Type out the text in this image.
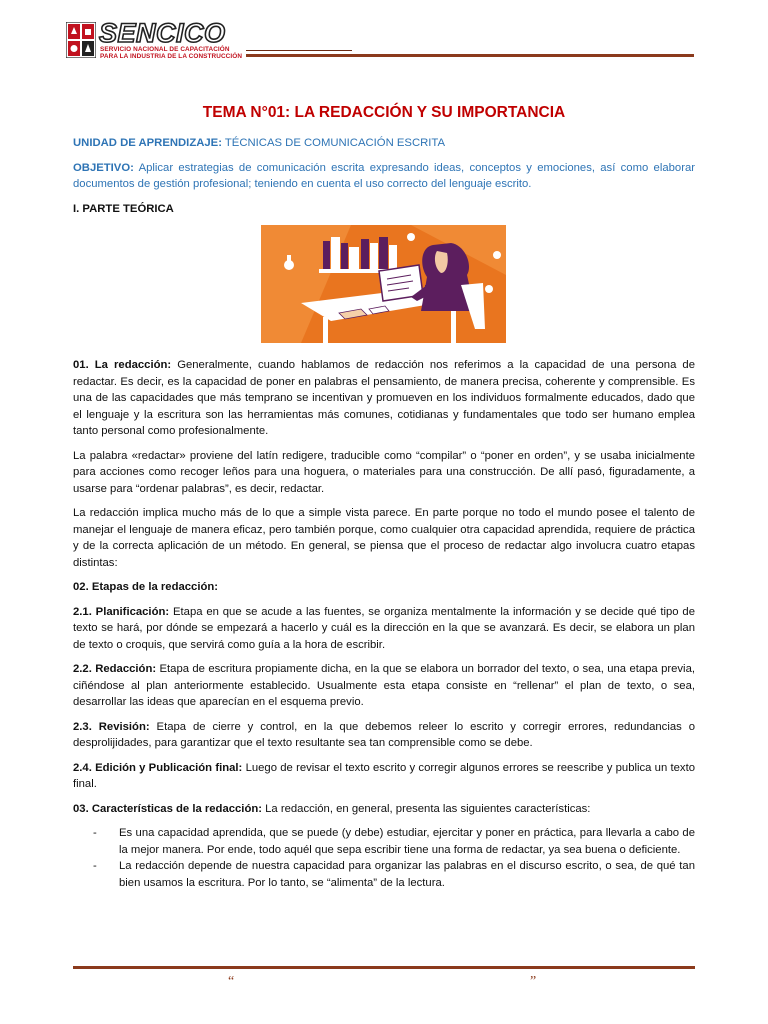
SENCICO
SERVICIO NACIONAL DE CAPACITACIÓN
PARA LA INDUSTRIA DE LA CONSTRUCCIÓN
TEMA N°01: LA REDACCIÓN Y SU IMPORTANCIA

UNIDAD DE APRENDIZAJE: TÉCNICAS DE COMUNICACIÓN ESCRITA

OBJETIVO: Aplicar estrategias de comunicación escrita expresando ideas, conceptos y emociones, así como elaborar documentos de gestión profesional; teniendo en cuenta el uso correcto del lenguaje escrito.

I. PARTE TEÓRICA

01. La redacción: Generalmente, cuando hablamos de redacción nos referimos a la capacidad de una persona de redactar. Es decir, es la capacidad de poner en palabras el pensamiento, de manera precisa, coherente y comprensible. Es una de las capacidades que más temprano se incentivan y promueven en los individuos formalmente educados, dado que el lenguaje y la escritura son las herramientas más comunes, cotidianas y fundamentales que todo ser humano emplea tanto personal como profesionalmente.

La palabra «redactar» proviene del latín redigere, traducible como “compilar” o “poner en orden”, y se usaba inicialmente para acciones como recoger leños para una hoguera, o materiales para una construcción. De allí pasó, figuradamente, a usarse para “ordenar palabras”, es decir, redactar.

La redacción implica mucho más de lo que a simple vista parece. En parte porque no todo el mundo posee el talento de manejar el lenguaje de manera eficaz, pero también porque, como cualquier otra capacidad aprendida, requiere de práctica y de la correcta aplicación de un método. En general, se piensa que el proceso de redactar algo involucra cuatro etapas distintas:

02. Etapas de la redacción:

2.1. Planificación: Etapa en que se acude a las fuentes, se organiza mentalmente la información y se decide qué tipo de texto se hará, por dónde se empezará a hacerlo y cuál es la dirección en la que se avanzará. Es decir, se elabora un plan de texto o croquis, que servirá como guía a la hora de escribir.

2.2. Redacción: Etapa de escritura propiamente dicha, en la que se elabora un borrador del texto, o sea, una etapa previa, ciñéndose al plan anteriormente establecido. Usualmente esta etapa consiste en “rellenar” el plan de texto, o sea, desarrollar las ideas que aparecían en el esquema previo.

2.3. Revisión: Etapa de cierre y control, en la que debemos releer lo escrito y corregir errores, redundancias o desprolijidades, para garantizar que el texto resultante sea tan comprensible como se debe.

2.4. Edición y Publicación final: Luego de revisar el texto escrito y corregir algunos errores se reescribe y publica un texto final.

03. Características de la redacción: La redacción, en general, presenta las siguientes características:

- Es una capacidad aprendida, que se puede (y debe) estudiar, ejercitar y poner en práctica, para llevarla a cabo de la mejor manera. Por ende, todo aquél que sepa escribir tiene una forma de redactar, ya sea buena o deficiente.
- La redacción depende de nuestra capacidad para organizar las palabras en el discurso escrito, o sea, de qué tan bien usamos la escritura. Por lo tanto, se “alimenta” de la lectura.
“	”
